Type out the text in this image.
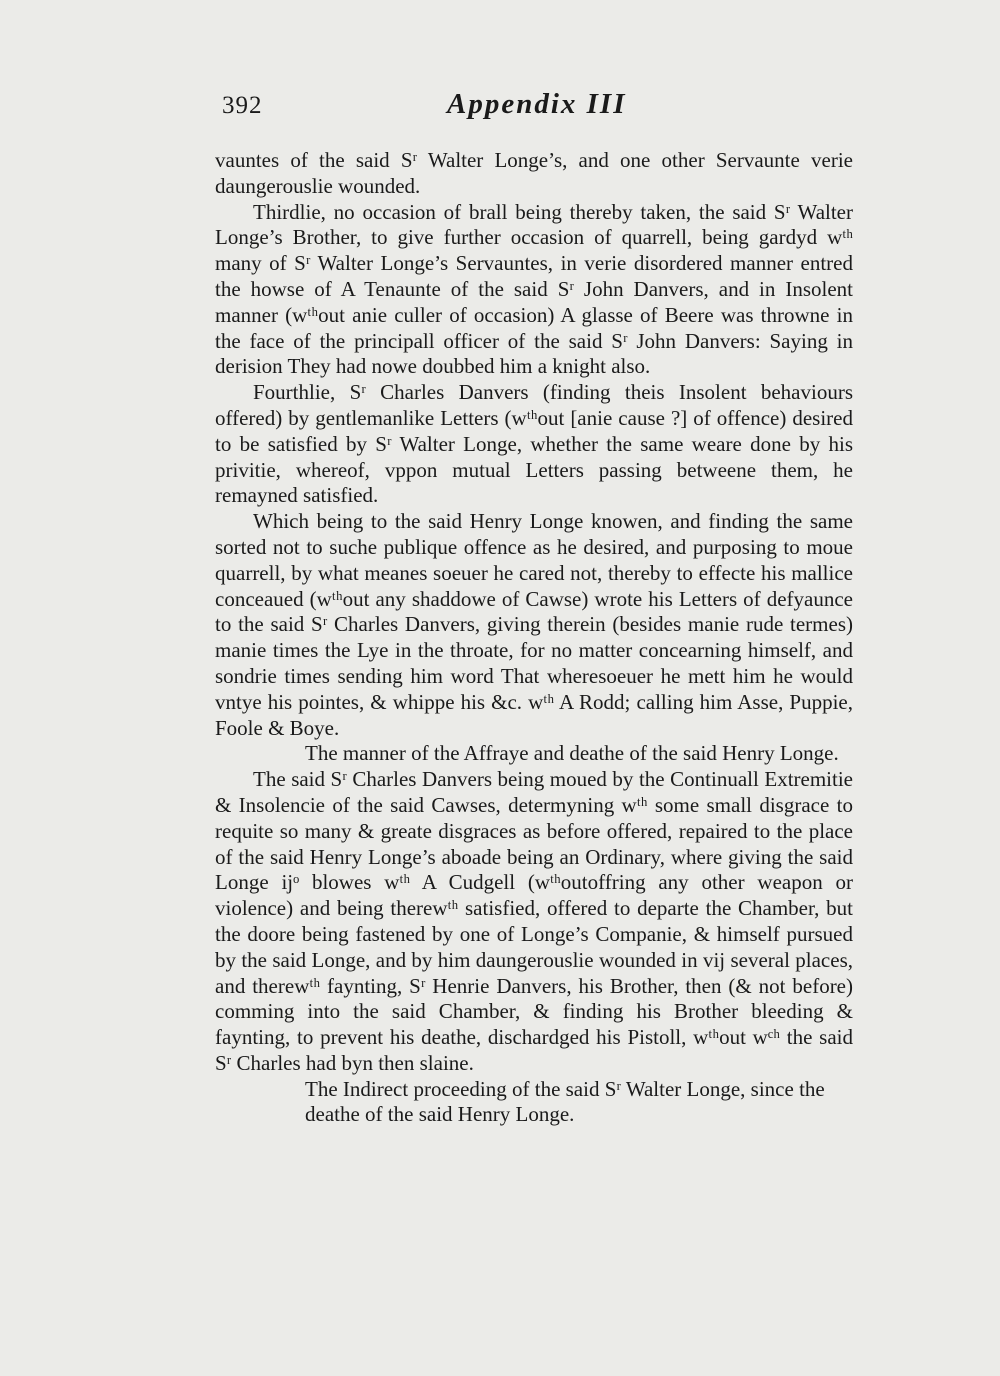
392	Appendix III

vauntes of the said Sʳ Walter Longe’s, and one other Servaunte verie daungerouslie wounded.

Thirdlie, no occasion of brall being thereby taken, the said Sʳ Walter Longe’s Brother, to give further occasion of quarrell, being gardyd wᵗʰ many of Sʳ Walter Longe’s Servauntes, in verie disordered manner entred the howse of A Tenaunte of the said Sʳ John Danvers, and in Insolent manner (wᵗʰout anie culler of occasion) A glasse of Beere was throwne in the face of the principall officer of the said Sʳ John Danvers: Saying in derision They had nowe doubbed him a knight also.

Fourthlie, Sʳ Charles Danvers (finding theis Insolent behaviours offered) by gentlemanlike Letters (wᵗʰout [anie cause ?] of offence) desired to be satisfied by Sʳ Walter Longe, whether the same weare done by his privitie, whereof, vppon mutual Letters passing betweene them, he remayned satisfied.

Which being to the said Henry Longe knowen, and finding the same sorted not to suche publique offence as he desired, and purposing to moue quarrell, by what meanes soeuer he cared not, thereby to effecte his mallice conceaued (wᵗʰout any shaddowe of Cawse) wrote his Letters of defyaunce to the said Sʳ Charles Danvers, giving therein (besides manie rude termes) manie times the Lye in the throate, for no matter concearning himself, and sondrie times sending him word That wheresoeuer he mett him he would vntye his pointes, & whippe his &c. wᵗʰ A Rodd; calling him Asse, Puppie, Foole & Boye.

The manner of the Affraye and deathe of the said Henry Longe.

The said Sʳ Charles Danvers being moued by the Continuall Extremitie & Insolencie of the said Cawses, determyning wᵗʰ some small disgrace to requite so many & greate disgraces as before offered, repaired to the place of the said Henry Longe’s aboade being an Ordinary, where giving the said Longe ijᵒ blowes wᵗʰ A Cudgell (wᵗʰoutoffring any other weapon or violence) and being therewᵗʰ satisfied, offered to departe the Chamber, but the doore being fastened by one of Longe’s Companie, & himself pursued by the said Longe, and by him daungerouslie wounded in vij several places, and therewᵗʰ faynting, Sʳ Henrie Danvers, his Brother, then (& not before) comming into the said Chamber, & finding his Brother bleeding & faynting, to prevent his deathe, dischardged his Pistoll, wᵗʰout wᶜʰ the said Sʳ Charles had byn then slaine.

The Indirect proceeding of the said Sʳ Walter Longe, since the deathe of the said Henry Longe.
